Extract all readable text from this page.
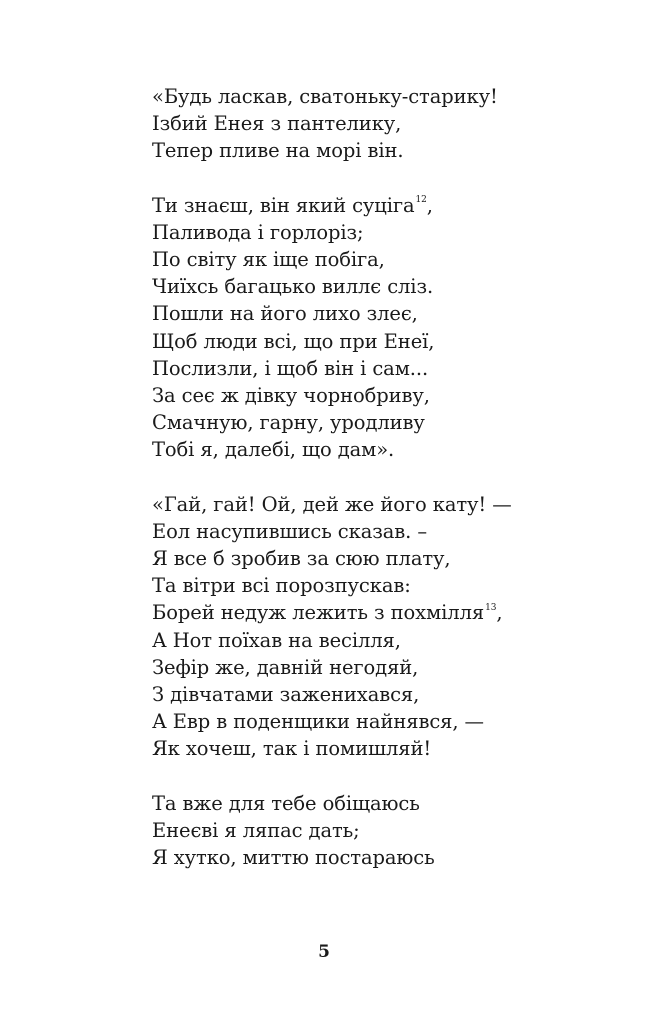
«Будь ласкав, сватоньку-старику!
Ізбий Енея з пантелику,
Тепер пливе на морі він.
Ти знаєш, він який суціга$^{12}$,
Паливода і горлоріз;
По світу як іще побіга,
Чиїхсь багацько виллє сліз.
Пошли на його лихо злеє,
Щоб люди всі, що при Енеї,
Послизли, і щоб він і сам...
За сеє ж дівку чорнобриву,
Смачную, гарну, уродливу
Тобі я, далебі, що дам».
«Гай, гай! Ой, дей же його кату! —
Еол насупившись сказав. –
Я все б зробив за сюю плату,
Та вітри всі порозпускав:
Борей недуж лежить з похмілля$^{13}$,
А Нот поїхав на весілля,
Зефір же, давній негодяй,
З дівчатами заженихався,
А Евр в поденщики найнявся, —
Як хочеш, так і помишляй!
Та вже для тебе обіщаюсь
Енеєві я ляпас дать;
Я хутко, миттю постараюсь
5
